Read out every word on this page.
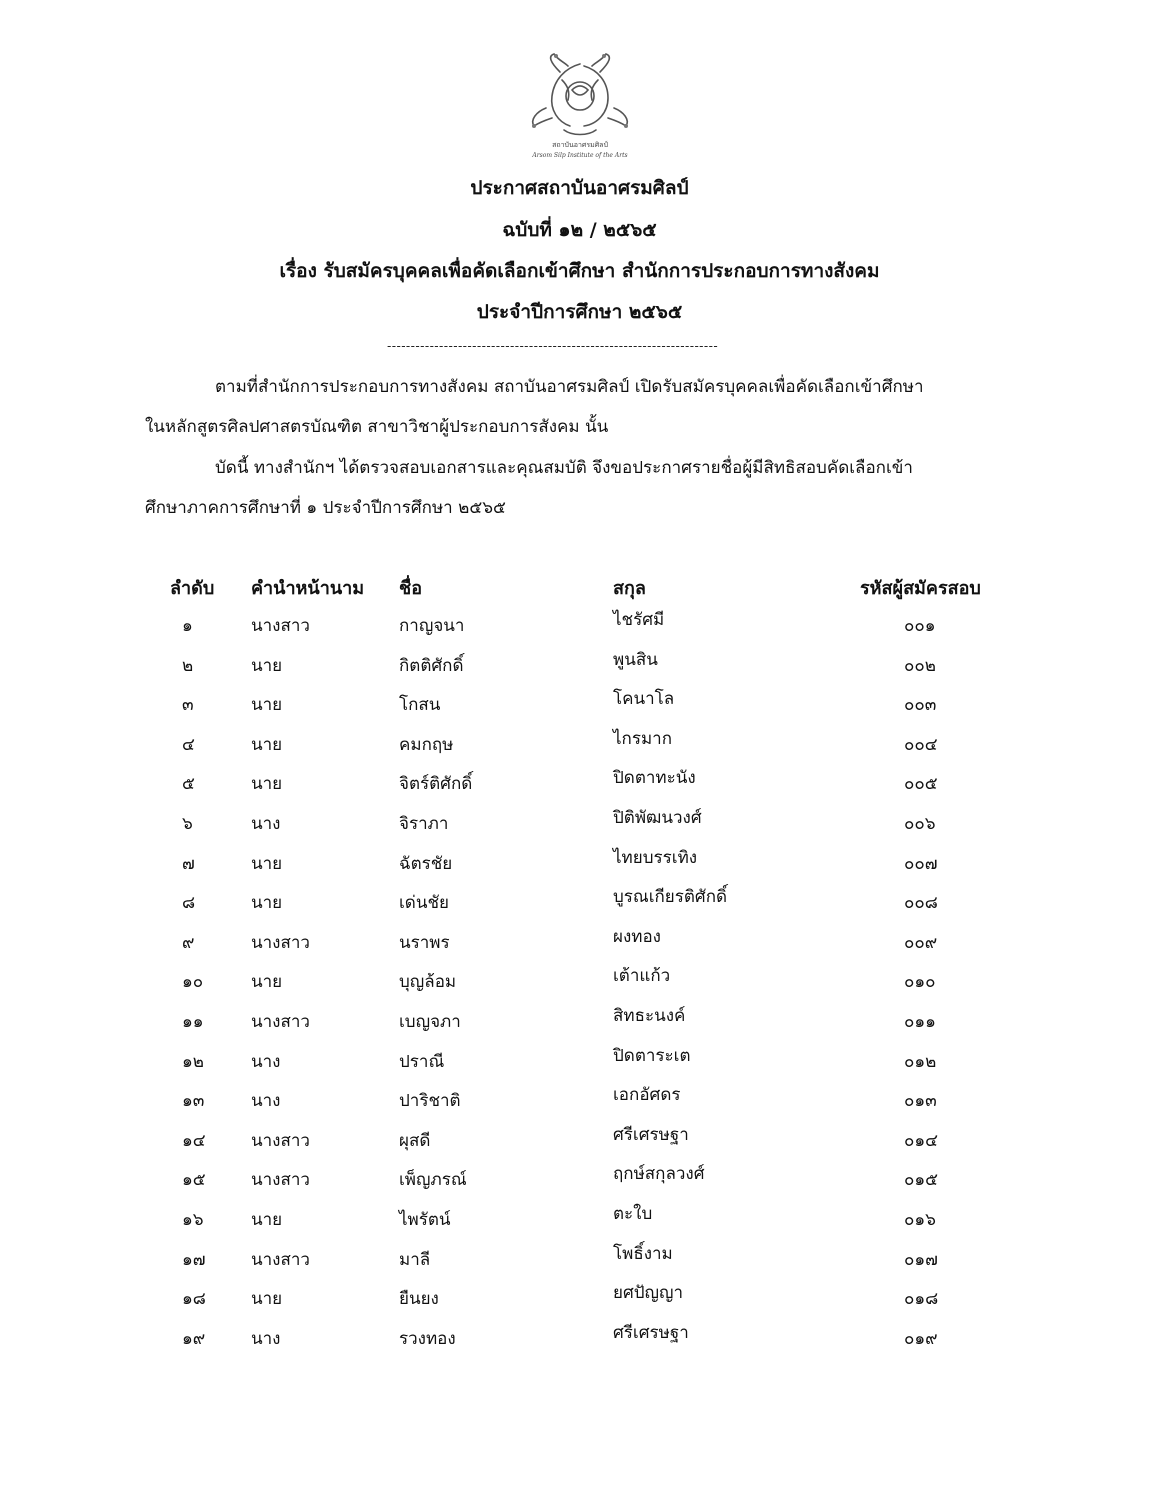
สถาบันอาศรมศิลป์
Arsom Silp Institute of the Arts
ประกาศสถาบันอาศรมศิลป์
ฉบับที่ ๑๒ / ๒๕๖๕
เรื่อง รับสมัครบุคคลเพื่อคัดเลือกเข้าศึกษา สำนักการประกอบการทางสังคม
ประจำปีการศึกษา ๒๕๖๕
----------------------------------------------------------------------
ตามที่สำนักการประกอบการทางสังคม สถาบันอาศรมศิลป์ เปิดรับสมัครบุคคลเพื่อคัดเลือกเข้าศึกษา
ในหลักสูตรศิลปศาสตรบัณฑิต สาขาวิชาผู้ประกอบการสังคม นั้น
บัดนี้ ทางสำนักฯ ได้ตรวจสอบเอกสารและคุณสมบัติ จึงขอประกาศรายชื่อผู้มีสิทธิสอบคัดเลือกเข้า
ศึกษาภาคการศึกษาที่ ๑ ประจำปีการศึกษา ๒๕๖๕
ลำดับ คำนำหน้านาม ชื่อ	สกุล	รหัสผู้สมัครสอบ
๑	นางสาว	กาญจนา	ไชรัศมี	๐๐๑
๒	นาย	กิตติศักดิ์	พูนสิน	๐๐๒
๓	นาย	โกสน	โคนาโล	๐๐๓
๔	นาย	คมกฤษ	ไกรมาก	๐๐๔
๕	นาย	จิตร์ติศักดิ์	ปิดตาทะนัง	๐๐๕
๖	นาง	จิราภา	ปิติพัฒนวงศ์	๐๐๖
๗	นาย	ฉัตรชัย	ไทยบรรเทิง	๐๐๗
๘	นาย	เด่นชัย	บูรณเกียรติศักดิ์	๐๐๘
๙	นางสาว	นราพร	ผงทอง	๐๐๙
๑๐	นาย	บุญล้อม	เต้าแก้ว	๐๑๐
๑๑	นางสาว	เบญจภา	สิทธะนงค์	๐๑๑
๑๒	นาง	ปราณี	ปิดตาระเต	๐๑๒
๑๓	นาง	ปาริชาติ	เอกอัศดร	๐๑๓
๑๔	นางสาว	ผุสดี	ศรีเศรษฐา	๐๑๔
๑๕	นางสาว	เพ็ญภรณ์	ฤกษ์สกุลวงศ์	๐๑๕
๑๖	นาย	ไพรัตน์	ตะใบ	๐๑๖
๑๗	นางสาว	มาลี	โพธิ์งาม	๐๑๗
๑๘	นาย	ยืนยง	ยศปัญญา	๐๑๘
๑๙	นาง	รวงทอง	ศรีเศรษฐา	๐๑๙
